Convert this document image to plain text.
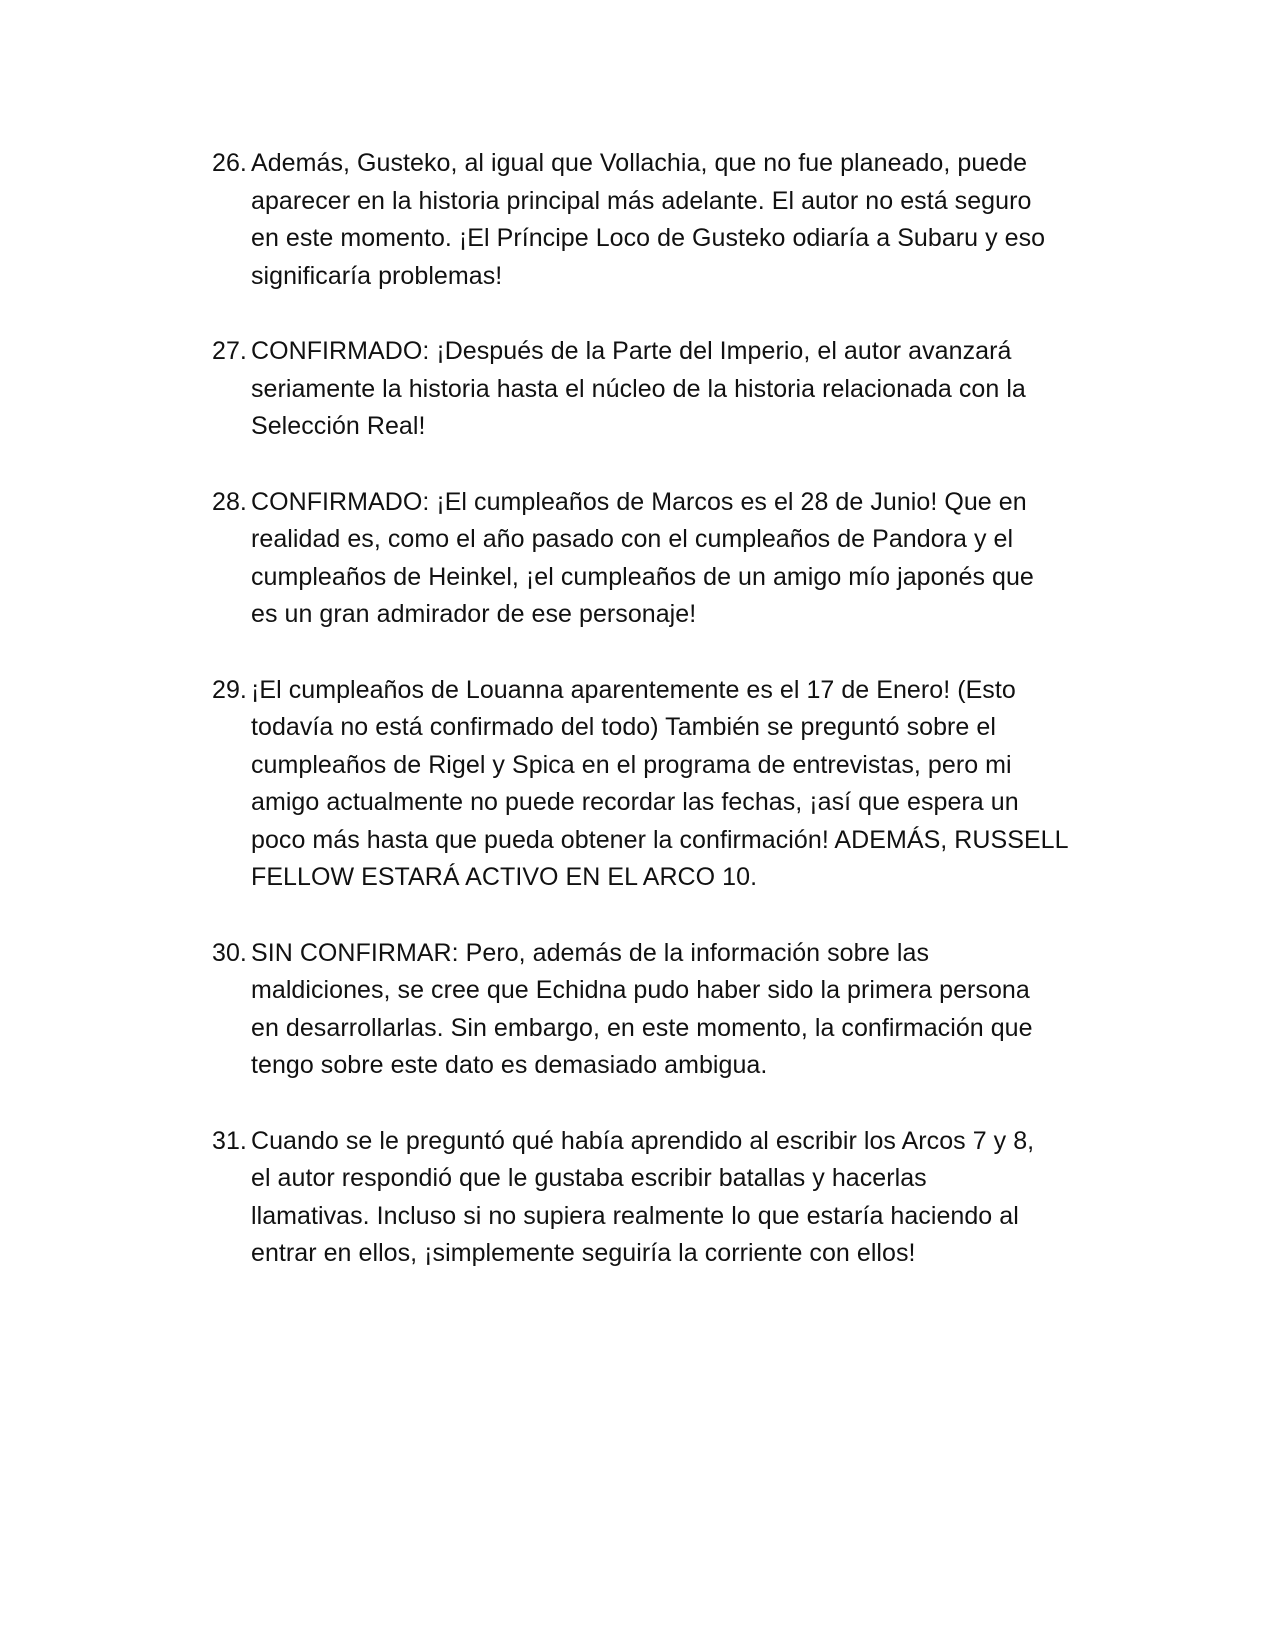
26. Además, Gusteko, al igual que Vollachia, que no fue planeado, puede
aparecer en la historia principal más adelante. El autor no está seguro
en este momento. ¡El Príncipe Loco de Gusteko odiaría a Subaru y eso
significaría problemas!
27. CONFIRMADO: ¡Después de la Parte del Imperio, el autor avanzará
seriamente la historia hasta el núcleo de la historia relacionada con la
Selección Real!
28. CONFIRMADO: ¡El cumpleaños de Marcos es el 28 de Junio! Que en
realidad es, como el año pasado con el cumpleaños de Pandora y el
cumpleaños de Heinkel, ¡el cumpleaños de un amigo mío japonés que
es un gran admirador de ese personaje!
29. ¡El cumpleaños de Louanna aparentemente es el 17 de Enero! (Esto
todavía no está confirmado del todo) También se preguntó sobre el
cumpleaños de Rigel y Spica en el programa de entrevistas, pero mi
amigo actualmente no puede recordar las fechas, ¡así que espera un
poco más hasta que pueda obtener la confirmación! ADEMÁS, RUSSELL
FELLOW ESTARÁ ACTIVO EN EL ARCO 10.
30. SIN CONFIRMAR: Pero, además de la información sobre las
maldiciones, se cree que Echidna pudo haber sido la primera persona
en desarrollarlas. Sin embargo, en este momento, la confirmación que
tengo sobre este dato es demasiado ambigua.
31. Cuando se le preguntó qué había aprendido al escribir los Arcos 7 y 8,
el autor respondió que le gustaba escribir batallas y hacerlas
llamativas. Incluso si no supiera realmente lo que estaría haciendo al
entrar en ellos, ¡simplemente seguiría la corriente con ellos!
